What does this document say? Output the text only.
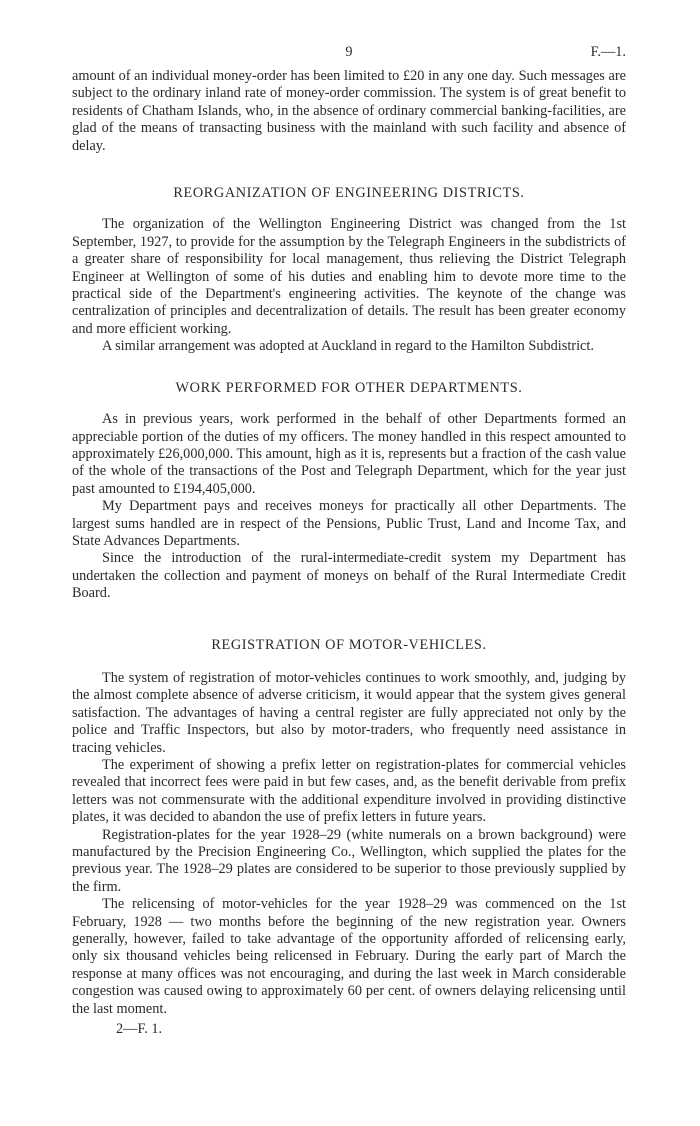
9	F.—1.

amount of an individual money-order has been limited to £20 in any one day. Such messages are subject to the ordinary inland rate of money-order commission. The system is of great benefit to residents of Chatham Islands, who, in the absence of ordinary commercial banking-facilities, are glad of the means of transacting business with the mainland with such facility and absence of delay.

REORGANIZATION OF ENGINEERING DISTRICTS.

The organization of the Wellington Engineering District was changed from the 1st September, 1927, to provide for the assumption by the Telegraph Engineers in the subdistricts of a greater share of responsibility for local management, thus relieving the District Telegraph Engineer at Wellington of some of his duties and enabling him to devote more time to the practical side of the Department's engineering activities. The keynote of the change was centralization of principles and decentralization of details. The result has been greater economy and more efficient working.

A similar arrangement was adopted at Auckland in regard to the Hamilton Subdistrict.

WORK PERFORMED FOR OTHER DEPARTMENTS.

As in previous years, work performed in the behalf of other Departments formed an appreciable portion of the duties of my officers. The money handled in this respect amounted to approximately £26,000,000. This amount, high as it is, represents but a fraction of the cash value of the whole of the transactions of the Post and Telegraph Department, which for the year just past amounted to £194,405,000.

My Department pays and receives moneys for practically all other Departments. The largest sums handled are in respect of the Pensions, Public Trust, Land and Income Tax, and State Advances Departments.

Since the introduction of the rural-intermediate-credit system my Department has undertaken the collection and payment of moneys on behalf of the Rural Intermediate Credit Board.

REGISTRATION OF MOTOR-VEHICLES.

The system of registration of motor-vehicles continues to work smoothly, and, judging by the almost complete absence of adverse criticism, it would appear that the system gives general satisfaction. The advantages of having a central register are fully appreciated not only by the police and Traffic Inspectors, but also by motor-traders, who frequently need assistance in tracing vehicles.

The experiment of showing a prefix letter on registration-plates for commercial vehicles revealed that incorrect fees were paid in but few cases, and, as the benefit derivable from prefix letters was not commensurate with the additional expenditure involved in providing distinctive plates, it was decided to abandon the use of prefix letters in future years.

Registration-plates for the year 1928–29 (white numerals on a brown background) were manufactured by the Precision Engineering Co., Wellington, which supplied the plates for the previous year. The 1928–29 plates are considered to be superior to those previously supplied by the firm.

The relicensing of motor-vehicles for the year 1928–29 was commenced on the 1st February, 1928 — two months before the beginning of the new registration year. Owners generally, however, failed to take advantage of the opportunity afforded of relicensing early, only six thousand vehicles being relicensed in February. During the early part of March the response at many offices was not encouraging, and during the last week in March considerable congestion was caused owing to approximately 60 per cent. of owners delaying relicensing until the last moment.

2—F. 1.
